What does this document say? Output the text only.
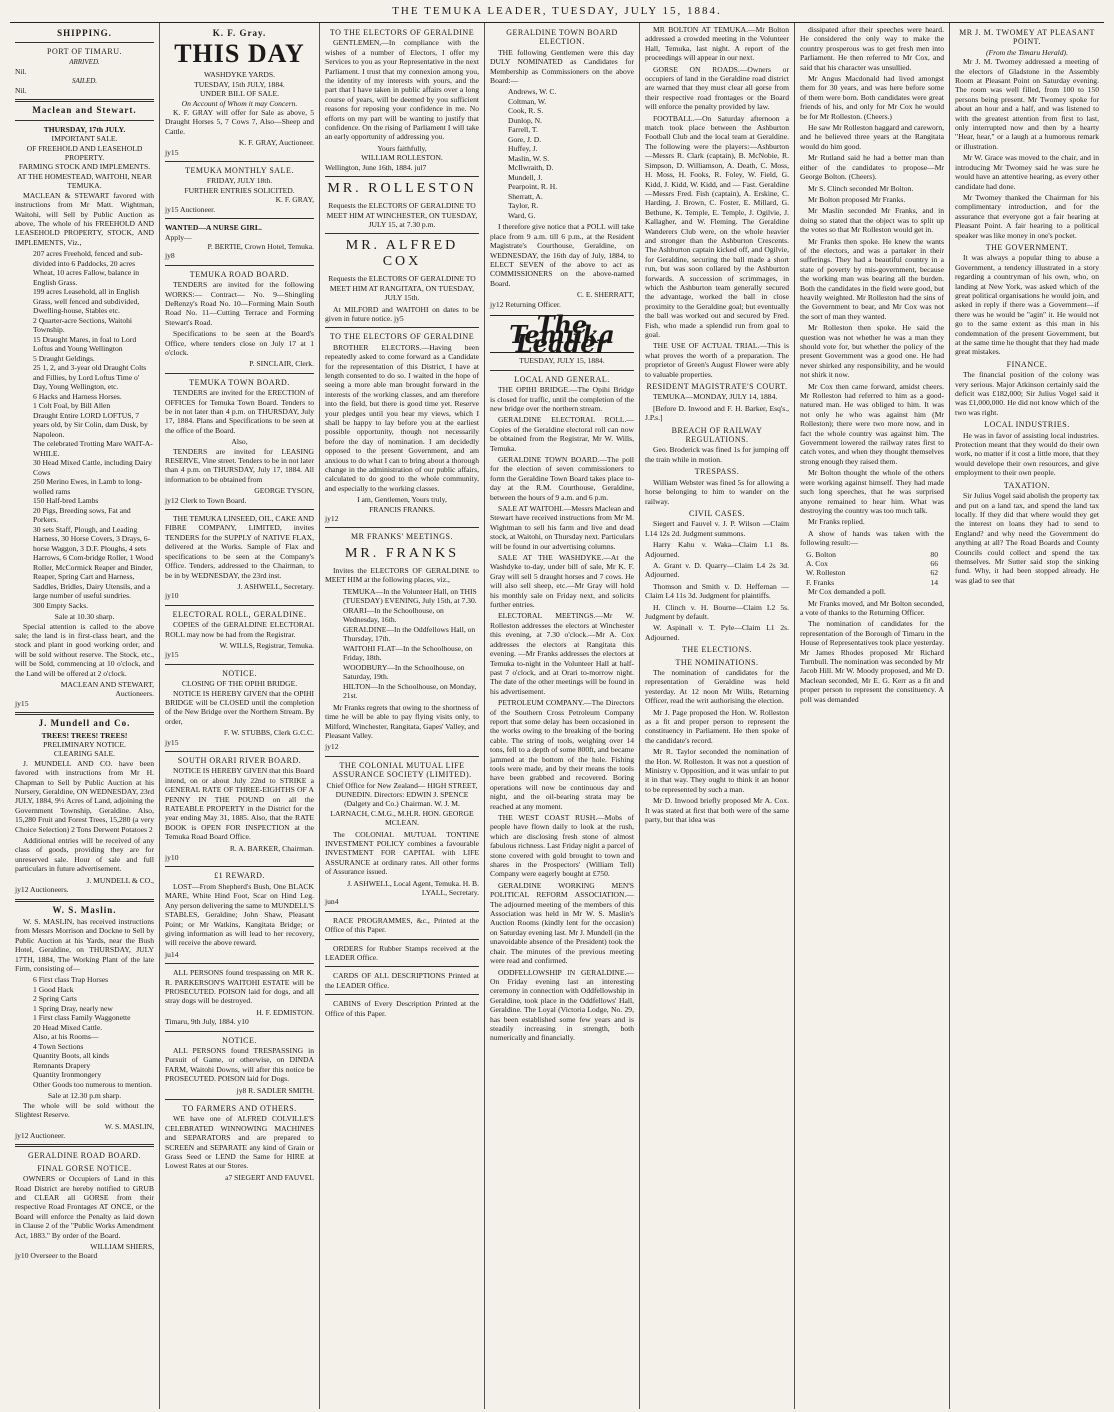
THE TEMUKA LEADER, TUESDAY, JULY 15, 1884.
SHIPPING.
PORT OF TIMARU.
ARRIVED.
Nil.
SAILED.
Nil.
Maclean and Stewart.
THURSDAY, 17th JULY.
IMPORTANT SALE.
OF FREEHOLD AND LEASEHOLD PROPERTY.
FARMING STOCK AND IMPLEMENTS.
AT THE HOMESTEAD, WAITOHI, NEAR TEMUKA.

MACLEAN & STEWART favored with instructions from Mr Matt. Wightman, Waitohi, will Sell by Public Auction as above, The whole of his FREEHOLD AND LEASEHOLD PROPERTY, STOCK, AND IMPLEMENTS, Viz.,

207 acres Freehold, fenced and sub-divided into 6 Paddocks, 20 acres Wheat, 10 acres Fallow, balance in English Grass.
199 acres Leasehold, all in English Grass, well fenced and subdivided, Dwelling-house, Stables etc.
2 Quarter-acre Sections, Waitohi Township.
15 Draught Mares, in foal to Lord Loftus and Young Wellington
5 Draught Geldings.
25 1, 2, and 3-year old Draught Colts and Fillies, by Lord Loftus Time o' Day, Young Wellington, etc.
6 Hacks and Harness Horses.
1 Colt Foal, by Bill Allen
Draught Entire LORD LOFTUS, 7 years old, by Sir Colin, dam Dusk, by Napoleon.
The celebrated Trotting Mare WAIT-A-WHILE.
30 Head Mixed Cattle, including Dairy Cows
250 Merino Ewes, in Lamb to long-wolled rams
150 Half-bred Lambs
20 Pigs, Breeding sows, Fat and Porkers.
30 sets Staff, Plough, and Leading Harness, 30 Horse Covers, 3 Drays, 6-horse Waggon, 3 D.F. Ploughs, 4 sets Harrows, 6 Com-bridge Roller, 1 Wood Roller, McCormick Reaper and Binder, Reaper, Spring Cart and Harness, Saddles, Bridles, Dairy Utensils, and a large number of useful sundries.
300 Empty Sacks.
Sale at 10.30 sharp.

Special attention is called to the above sale; the land is in first-class heart, and the stock and plant in good working order, and will be sold without reserve. The Stock, etc., will be Sold, commencing at 10 o'clock, and the Land will be offered at 2 o'clock.

MACLEAN AND STEWART,
Auctioneers.
jy15
J. Mundell and Co.
TREES! TREES! TREES!
PRELIMINARY NOTICE.
CLEARING SALE.

J. MUNDELL AND CO. have been favored with instructions from Mr H. Chapman to Sell by Public Auction at his Nursery, Geraldine, ON WEDNESDAY, 23rd JULY, 1884, 9½ Acres of Land, adjoining the Government Township, Geraldine. Also, 15,280 Fruit and Forest Trees, 15,280 (a very Choice Selection) 2 Tons Derwent Potatoes 2

Additional entries will be received of any class of goods, providing they are for unreserved sale. Hour of sale and full particulars in future advertisement.

J. MUNDELL & CO.,
jy12 Auctioneers.
W. S. Maslin.

W. S. MASLIN, has received instructions from Messrs Morrison and Dockne to Sell by Public Auction at his Yards, near the Bush Hotel, Geraldine, on THURSDAY, JULY 17TH, 1884, The Working Plant of the late Firm, consisting of—

6 First class Trap Horses
1 Good Hack
2 Spring Carts
1 Spring Dray, nearly new
1 First class Family Waggonette
20 Head Mixed Cattle.
Also, at his Rooms—
4 Town Sections
Quantity Boots, all kinds
Remnants Drapery
Quantity Ironmongery
Other Goods too numerous to mention.
Sale at 12.30 p.m sharp.

The whole will be sold without the Slightest Reserve.

W. S. MASLIN,
jy12 Auctioneer.
GERALDINE ROAD BOARD.
FINAL GORSE NOTICE.

OWNERS or Occupiers of Land in this Road District are hereby notified to GRUB and CLEAR all GORSE from their respective Road Frontages AT ONCE, or the Board will enforce the Penalty as laid down in Clause 2 of the "Public Works Amendment Act, 1883." By order of the Board.

WILLIAM SHIERS,
jy10 Overseer to the Board
K. F. Gray.
THIS DAY
WASHDYKE YARDS.
TUESDAY, 15th JULY, 1884.
UNDER BILL OF SALE.
On Account of Whom it may Concern.

K. F. GRAY will offer for Sale as above, 5 Draught Horses 5, 7 Cows 7, Also—Sheep and Cattle.

K. F. GRAY, Auctioneer.
jy15
TEMUKA MONTHLY SALE.
FRIDAY, JULY 18th.
FURTHER ENTRIES SOLICITED.
K. F. GRAY,
jy15 Auctioneer.
WANTED—A NURSE GIRL.
Apply—
P. BERTIE, Crown Hotel, Temuka.
jy8
TEMUKA ROAD BOARD.

TENDERS are invited for the following WORKS:— Contract— No. 9—Shingling DeRenzy's Road No. 10—Forming Main South Road No. 11—Cutting Terrace and Forming Stewart's Road.

Specifications to be seen at the Board's Office, where tenders close on July 17 at 1 o'clock.

P. SINCLAIR, Clerk.
TEMUKA TOWN BOARD.

TENDERS are invited for the ERECTION of OFFICES for Temuka Town Board. Tenders to be in not later than 4 p.m. on THURSDAY, July 17, 1884. Plans and Specifications to be seen at the office of the Board.

Also,

TENDERS are invited for LEASING RESERVE, Vine street. Tenders to be in not later than 4 p.m. on THURSDAY, July 17, 1884. All information to be obtained from

GEORGE TYSON,
jy12 Clerk to Town Board.

THE TEMUKA LINSEED, OIL, CAKE AND FIBRE COMPANY, LIMITED, invites TENDERS for the SUPPLY of NATIVE FLAX, delivered at the Works. Sample of Flax and specifications to be seen at the Company's Office. Tenders, addressed to the Chairman, to be in by WEDNESDAY, the 23rd inst.

J. ASHWELL, Secretary.
jy10
ELECTORAL ROLL, GERALDINE.

COPIES of the GERALDINE ELECTORAL ROLL may now be had from the Registrar.

W. WILLS, Registrar, Temuka.
jy15
NOTICE.
CLOSING OF THE OPIHI BRIDGE.

NOTICE IS HEREBY GIVEN that the OPIHI BRIDGE will be CLOSED until the completion of the New Bridge over the Northern Stream. By order,

F. W. STUBBS, Clerk G.C.C.
jy15
SOUTH ORARI RIVER BOARD.

NOTICE IS HEREBY GIVEN that this Board intend, on or about July 22nd to STRIKE a GENERAL RATE OF THREE-EIGHTHS OF A PENNY IN THE POUND on all the RATEABLE PROPERTY in the District for the year ending May 31, 1885. Also, that the RATE BOOK is OPEN FOR INSPECTION at the Temuka Road Board Office.

R. A. BARKER, Chairman.
jy10
£1 REWARD.

LOST—From Shepherd's Bush, One BLACK MARE, White Hind Foot, Scar on Hind Leg. Any person delivering the same to MUNDELL'S STABLES, Geraldine; John Shaw, Pleasant Point; or Mr Watkins, Kangitata Bridge; or giving information as will lead to her recovery, will receive the above reward.

ju14

ALL PERSONS found trespassing on MR K. R. PARKERSON'S WAITOHI ESTATE will be PROSECUTED. POISON laid for dogs, and all stray dogs will be destroyed.

H. F. EDMISTON.
Timaru, 9th July, 1884. y10
NOTICE.

ALL PERSONS found TRESPASSING in Pursuit of Game, or otherwise, on DINDA FARM, Waitohi Downs, will after this notice be PROSECUTED. POISON laid for Dogs.

jy8 R. SADLER SMITH.
TO FARMERS AND OTHERS.

WE have one of ALFRED COLVILLE'S CELEBRATED WINNOWING MACHINES and SEPARATORS and are prepared to SCREEN and SEPARATE any kind of Grain or Grass Seed or LEND the Same for HIRE at Lowest Rates at our Stores.

a7 SIEGERT AND FAUVEL
TO THE ELECTORS OF GERALDINE

GENTLEMEN,—In compliance with the wishes of a number of Electors, I offer my Services to you as your Representative in the next Parliament. I trust that my connexion among you, the identity of my interests with yours, and the part that I have taken in public affairs over a long course of years, will be deemed by you sufficient reasons for reposing your confidence in me. No efforts on my part will be wanting to justify that confidence. On the rising of Parliament I will take an early opportunity of addressing you.

Yours faithfully,
WILLIAM ROLLESTON.
Wellington, June 16th, 1884. jul7
MR. ROLLESTON

Requests the ELECTORS OF GERALDINE TO MEET HIM AT WINCHESTER, ON TUESDAY, JULY 15, at 7.30 p.m.

MR. ALFRED COX

Requests the ELECTORS OF GERALDINE TO MEET HIM AT RANGITATA, ON TUESDAY, JULY 15th.

At MILFORD and WAITOHI on dates to be given in future notice. jy5

TO THE ELECTORS OF GERALDINE

BROTHER ELECTORS.—Having been repeatedly asked to come forward as a Candidate for the representation of this District, I have at length consented to do so. I waited in the hope of seeing a more able man brought forward in the interests of the working classes, and am therefore into the field, but there is good time yet. Reserve your pledges until you hear my views, which I shall be happy to lay before you at the earliest possible opportunity, though not necessarily before the day of nomination. I am decidedly opposed to the present Government, and am anxious to do what I can to bring about a thorough change in the administration of our public affairs, calculated to do good to the whole community, and especially to the working classes.

I am, Gentlemen, Yours truly,
FRANCIS FRANKS.
jy12
MR FRANKS' MEETINGS.
MR. FRANKS

Invites the ELECTORS OF GERALDINE to MEET HIM at the following places, viz.,

TEMUKA—In the Volunteer Hall, on THIS (TUESDAY) EVENING, July 15th, at 7.30.
ORARI—In the Schoolhouse, on Wednesday, 16th.
GERALDINE—In the Oddfellows Hall, on Thursday, 17th.
WAITOHI FLAT—In the Schoolhouse, on Friday, 18th.
WOODBURY—In the Schoolhouse, on Saturday, 19th.
HILTON—In the Schoolhouse, on Monday, 21st.

Mr Franks regrets that owing to the shortness of time he will be able to pay flying visits only, to Milford, Winchester, Rangitata, Gapes' Valley, and Pleasant Valley.

jy12
THE COLONIAL MUTUAL LIFE ASSURANCE SOCIETY (LIMITED).

Chief Office for New Zealand— HIGH STREET, DUNEDIN. Directors: EDWIN J. SPENCE (Dalgety and Co.) Chairman. W. J. M. LARNACH, C.M.G., M.H.R. HON. GEORGE MCLEAN.

The COLONIAL MUTUAL TONTINE INVESTMENT POLICY combines a favourable INVESTMENT FOR CAPITAL with LIFE ASSURANCE at ordinary rates. All other forms of Assurance issued.

J. ASHWELL, Local Agent, Temuka. H. B. LYALL, Secretary.
jun4

RACE PROGRAMMES, &c., Printed at the Office of this Paper.

ORDERS for Rubber Stamps received at the LEADER Office.

CARDS OF ALL DESCRIPTIONS Printed at the LEADER Office.

CABINS of Every Description Printed at the Office of this Paper.

GERALDINE TOWN BOARD ELECTION.

THE following Gentlemen were this day DULY NOMINATED as Candidates for Membership as Commissioners on the above Board:—

Andrews, W. C.
Coltman, W.
Cook, R. S.
Dunlop, N.
Farrell, T.
Gore, J. D.
Huffey, J.
Maslin, W. S.
McIlwraith, D.
Mundell, J.
Pearpoint, R. H.
Sherratt, A.
Taylor, R.
Ward, G.

I therefore give notice that a POLL will take place from 9 a.m. till 6 p.m., at the Resident Magistrate's Courthouse, Geraldine, on WEDNESDAY, the 16th day of July, 1884, to ELECT SEVEN of the above to act as COMMISSIONERS on the above-named Board.

C. E. SHERRATT,
jy12 Returning Officer.
The Temuka Leader
TUESDAY, JULY 15, 1884.
LOCAL AND GENERAL.

THE OPIHI BRIDGE.—The Opihi Bridge is closed for traffic, until the completion of the new bridge over the northern stream.

GERALDINE ELECTORAL ROLL.—Copies of the Geraldine electoral roll can now be obtained from the Registrar, Mr W. Wills, Temuka.

GERALDINE TOWN BOARD.—The poll for the election of seven commissioners to form the Geraldine Town Board takes place to-day at the R.M. Courthouse, Geraldine, between the hours of 9 a.m. and 6 p.m.

SALE AT WAITOHI.—Messrs Maclean and Stewart have received instructions from Mr M. Wightman to sell his farm and live and dead stock, at Waitohi, on Thursday next. Particulars will be found in our advertising columns.

SALE AT THE WASHDYKE.—At the Washdyke to-day, under bill of sale, Mr K. F. Gray will sell 5 draught horses and 7 cows. He will also sell sheep, etc.—Mr Gray will hold his monthly sale on Friday next, and solicits further entries.

ELECTORAL MEETINGS.—Mr W. Rolleston addresses the electors at Winchester this evening, at 7.30 o'clock.—Mr A. Cox addresses the electors at Rangitata this evening. —Mr Franks addresses the electors at Temuka to-night in the Volunteer Hall at half-past 7 o'clock, and at Orari to-morrow night. The date of the other meetings will be found in his advertisement.

PETROLEUM COMPANY.—The Directors of the Southern Cross Petroleum Company report that some delay has been occasioned in the works owing to the breaking of the boring cable. The string of tools, weighing over 14 tons, fell to a depth of some 800ft, and became jammed at the bottom of the hole. Fishing tools were made, and by their means the tools have been grabbed and recovered. Boring operations will now be continuous day and night, and the oil-bearing strata may be reached at any moment.

THE WEST COAST RUSH.—Mobs of people have flown daily to look at the rush, which are disclosing fresh stone of almost fabulous richness. Last Friday night a parcel of stone covered with gold brought to town and shares in the Prospectors' (William Tell) Company were eagerly bought at £750.

GERALDINE WORKING MEN'S POLITICAL REFORM ASSOCIATION.—The adjourned meeting of the members of this Association was held in Mr W. S. Maslin's Auction Rooms (kindly lent for the occasion) on Saturday evening last. Mr J. Mundell (in the unavoidable absence of the President) took the chair. The minutes of the previous meeting were read and confirmed.

ODDFELLOWSHIP IN GERALDINE.—On Friday evening last an interesting ceremony in connection with Oddfellowship in Geraldine, took place in the Oddfellows' Hall, Geraldine. The Loyal (Victoria Lodge, No. 29, has been established some few years and is steadily increasing in strength, both numerically and financially.

MR BOLTON AT TEMUKA.—Mr Bolton addressed a crowded meeting in the Volunteer Hall, Temuka, last night. A report of the proceedings will appear in our next.

GORSE ON ROADS.—Owners or occupiers of land in the Geraldine road district are warned that they must clear all gorse from their respective road frontages or the Board will enforce the penalty provided by law.

FOOTBALL.—On Saturday afternoon a match took place between the Ashburton Football Club and the local team at Geraldine. The following were the players:—Ashburton—Messrs R. Clark (captain), B. McNobie, R. Simpson, D. Williamson, A. Death, C. Moss, H. Moss, H. Fooks, R. Foley, W. Field, G. Kidd, J. Kidd, W. Kidd, and — Fast. Geraldine—Messrs Fred. Fish (captain), A. Erskine, C. Harding, J. Brown, C. Foster, E. Millard, G. Bethune, K. Temple, E. Temple, J. Ogilvie, J. Kallagher, and W. Fleming. The Geraldine Wanderers Club were, on the whole heavier and stronger than the Ashburton Crescents. The Ashburton captain kicked off, and Ogilvie, for Geraldine, securing the ball made a short run, but was soon collared by the Ashburton forwards. A succession of scrimmages, in which the Ashburton team generally secured the advantage, worked the ball in close proximity to the Geraldine goal; but eventually the ball was worked out and secured by Fred. Fish, who made a splendid run from goal to goal.

THE USE OF ACTUAL TRIAL.—This is what proves the worth of a preparation. The proprietor of Green's August Flower were ably to valuable properties.

RESIDENT MAGISTRATE'S COURT.

TEMUKA—MONDAY, JULY 14, 1884.

[Before D. Inwood and F. H. Barker, Esq's., J.P.s.]

BREACH OF RAILWAY REGULATIONS.

Geo. Broderick was fined 1s for jumping off the train while in motion.

TRESPASS.

William Webster was fined 5s for allowing a horse belonging to him to wander on the railway.

CIVIL CASES.

Siegert and Fauvel v. J. P. Wilson —Claim L14 12s 2d. Judgment summons.

Harry Kahu v. Waka—Claim L1 8s. Adjourned.

A. Grant v. D. Quarry—Claim L4 2s 3d. Adjourned.

Thomson and Smith v. D. Heffernan —Claim L4 11s 3d. Judgment for plaintiffs.

H. Clinch v. H. Bourne—Claim L2 5s. Judgment by default.

W. Aspinall v. T. Pyle—Claim L1 2s. Adjourned.

THE ELECTIONS.
THE NOMINATIONS.

The nomination of candidates for the representation of Geraldine was held yesterday. At 12 noon Mr Wills, Returning Officer, read the writ authorising the election.

Mr J. Page proposed the Hon. W. Rolleston as a fit and proper person to represent the constituency in Parliament. He then spoke of the candidate's record.

Mr R. Taylor seconded the nomination of the Hon. W. Rolleston. It was not a question of Ministry v. Opposition, and it was unfair to put it in that way. They ought to think it an honor to be represented by such a man.

Mr D. Inwood briefly proposed Mr A. Cox. It was stated at first that both were of the same party, but that idea was

dissipated after their speeches were heard. He considered the only way to make the country prosperous was to get fresh men into Parliament. He then referred to Mr Cox, and said that his character was unsullied.

Mr Angus Macdonald had lived amongst them for 30 years, and was here before some of them were born. Both candidates were great friends of his, and only for Mr Cox he would be for Mr Rolleston. (Cheers.)

He saw Mr Rolleston haggard and careworn, and he believed three years at the Rangitata would do him good.

Mr Rutland said he had a better man than either of the candidates to propose—Mr George Bolton. (Cheers).

Mr S. Clinch seconded Mr Bolton.

Mr Bolton proposed Mr Franks.

Mr Maslin seconded Mr Franks, and in doing so stated that the object was to split up the votes so that Mr Rolleston would get in.

Mr Franks then spoke. He knew the wants of the electors, and was a partaker in their sufferings. They had a beautiful country in a state of poverty by mis-government, because the working man was bearing all the burden. Both the candidates in the field were good, but heavily weighted. Mr Rolleston had the sins of the Government to bear, and Mr Cox was not the sort of man they wanted.

Mr Rolleston then spoke. He said the question was not whether he was a man they should vote for, but whether the policy of the present Government was a good one. He had never shirked any responsibility, and he would not shirk it now.

Mr Cox then came forward, amidst cheers. Mr Rolleston had referred to him as a good-natured man. He was obliged to him. It was not only he who was against him (Mr Rolleston); there were two more now, and in fact the whole country was against him. The Government lowered the railway rates first to catch votes, and when they thought themselves strong enough they raised them.

Mr Bolton thought the whole of the others were working against himself. They had made such long speeches, that he was surprised anyone remained to hear him. What was destroying the country was too much talk.

Mr Franks replied.

A show of hands was taken with the following result:—

G. Bolton	80
A. Cox	66
W. Rolleston	62
F. Franks	14

Mr Cox demanded a poll.

Mr Franks moved, and Mr Bolton seconded, a vote of thanks to the Returning Officer.

The nomination of candidates for the representation of the Borough of Timaru in the House of Representatives took place yesterday. Mr James Rhodes proposed Mr Richard Turnbull. The nomination was seconded by Mr Jacob Hill. Mr W. Moody proposed, and Mr D. Maclean seconded, Mr E. G. Kerr as a fit and proper person to represent the constituency. A poll was demanded

MR J. M. TWOMEY AT PLEASANT POINT.
(From the Timaru Herald).

Mr J. M. Twomey addressed a meeting of the electors of Gladstone in the Assembly Room at Pleasant Point on Saturday evening. The room was well filled, from 100 to 150 persons being present. Mr Twomey spoke for about an hour and a half, and was listened to with the greatest attention from first to last, only interrupted now and then by a hearty "Hear, hear," or a laugh at a humorous remark or illustration.

Mr W. Grace was moved to the chair, and in introducing Mr Twomey said he was sure he would have an attentive hearing, as every other candidate had done.

Mr Twomey thanked the Chairman for his complimentary introduction, and for the assurance that everyone got a fair hearing at Pleasant Point. A fair hearing to a political speaker was like money in one's pocket.

THE GOVERNMENT.

It was always a popular thing to abuse a Government, a tendency illustrated in a story regarding a countryman of his own, who, on landing at New York, was asked which of the great political organisations he would join, and asked in reply if there was a Government—if there was he would be "agin" it. He would not go to the same extent as this man in his condemnation of the present Government, but at the same time he thought that they had made great mistakes.

FINANCE.

The financial position of the colony was very serious. Major Atkinson certainly said the deficit was £182,000; Sir Julius Vogel said it was £1,000,000. He did not know which of the two was right.

LOCAL INDUSTRIES.

He was in favor of assisting local industries. Protection meant that they would do their own work, no matter if it cost a little more, that they would develope their own resources, and give employment to their own people.

TAXATION.

Sir Julius Vogel said abolish the property tax and put on a land tax, and spend the land tax locally. If they did that where would they get the interest on loans they had to send to England? and why need the Government do anything at all? The Road Boards and County Councils could collect and spend the tax themselves. Mr Sutter said stop the sinking fund. Why, it had been stopped already. He was glad to see that
